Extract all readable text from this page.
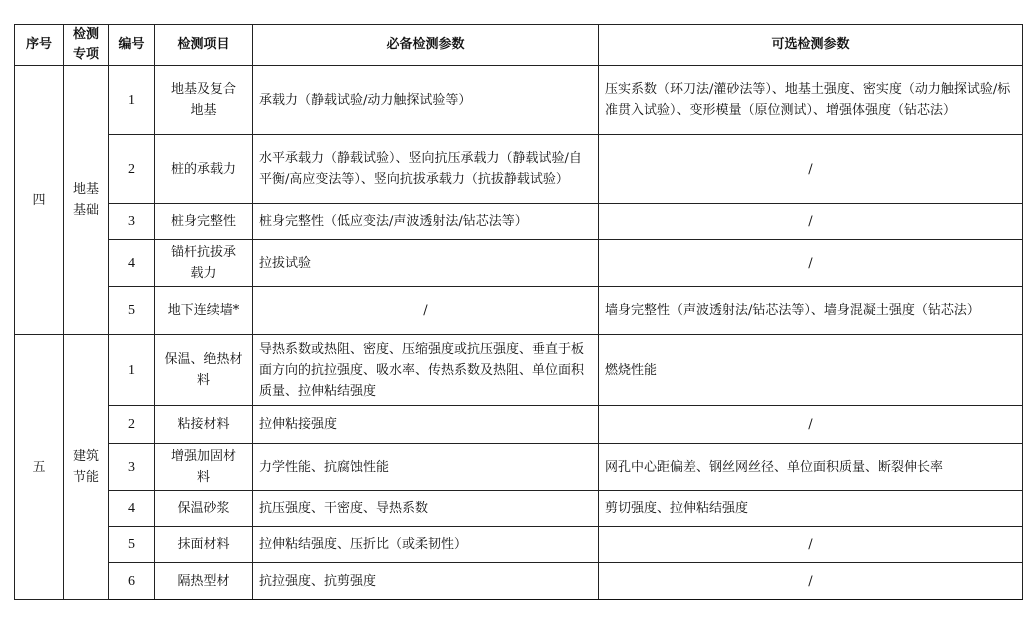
序号	检测专项	编号	检测项目	必备检测参数	可选检测参数
四	地基基础	1	地基及复合地基	承载力（静载试验/动力触探试验等）	压实系数（环刀法/灌砂法等）、地基土强度、密实度（动力触探试验/标准贯入试验）、变形模量（原位测试）、增强体强度（钻芯法）
		2	桩的承载力	水平承载力（静载试验）、竖向抗压承载力（静载试验/自平衡/高应变法等）、竖向抗拔承载力（抗拔静载试验）	/
		3	桩身完整性	桩身完整性（低应变法/声波透射法/钻芯法等）	/
		4	锚杆抗拔承载力	拉拔试验	/
		5	地下连续墙*	/	墙身完整性（声波透射法/钻芯法等）、墙身混凝土强度（钻芯法）
五	建筑节能	1	保温、绝热材料	导热系数或热阻、密度、压缩强度或抗压强度、垂直于板面方向的抗拉强度、吸水率、传热系数及热阻、单位面积质量、拉伸粘结强度	燃烧性能
		2	粘接材料	拉伸粘接强度	/
		3	增强加固材料	力学性能、抗腐蚀性能	网孔中心距偏差、钢丝网丝径、单位面积质量、断裂伸长率
		4	保温砂浆	抗压强度、干密度、导热系数	剪切强度、拉伸粘结强度
		5	抹面材料	拉伸粘结强度、压折比（或柔韧性）	/
		6	隔热型材	抗拉强度、抗剪强度	/
